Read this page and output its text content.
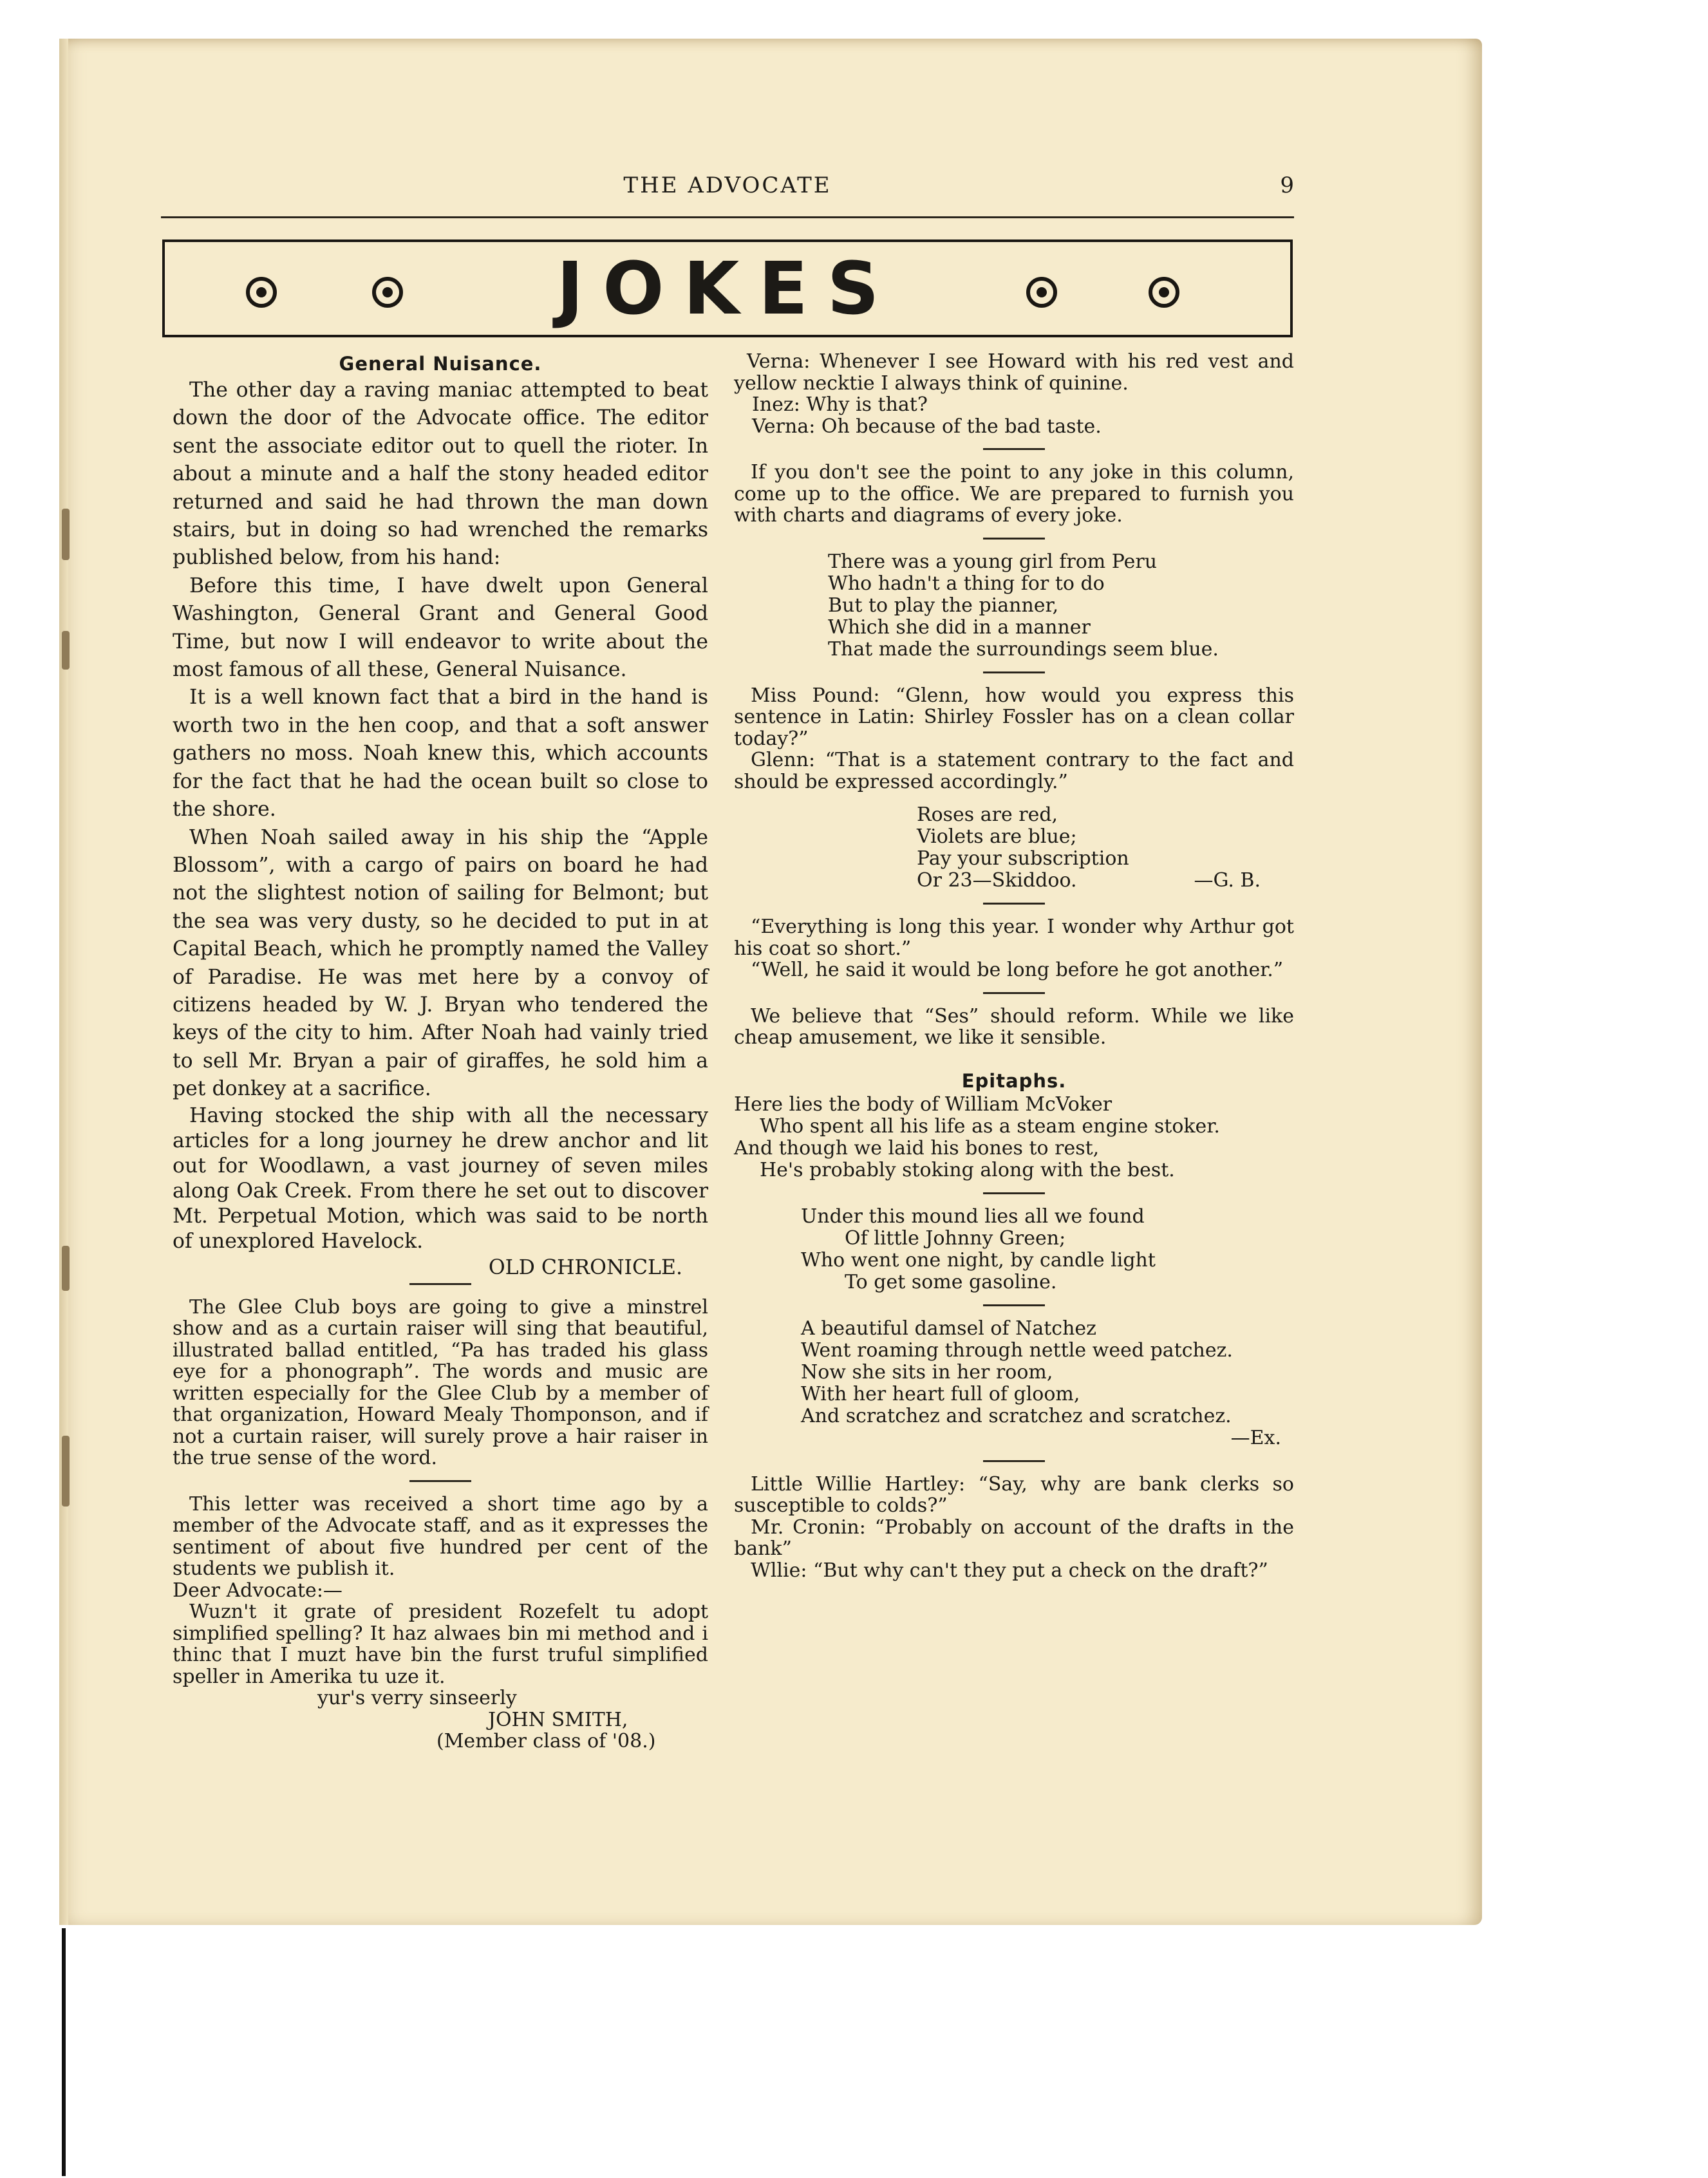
THE ADVOCATE	9
JOKES

General Nuisance.

The other day a raving maniac attempted to beat down the door of the Advocate office. The editor sent the associate editor out to quell the rioter. In about a minute and a half the stony headed editor returned and said he had thrown the man down stairs, but in doing so had wrenched the remarks published below, from his hand:

Before this time, I have dwelt upon General Washington, General Grant and General Good Time, but now I will endeavor to write about the most famous of all these, General Nuisance.

It is a well known fact that a bird in the hand is worth two in the hen coop, and that a soft answer gathers no moss. Noah knew this, which accounts for the fact that he had the ocean built so close to the shore.

When Noah sailed away in his ship the “Apple Blossom”, with a cargo of pairs on board he had not the slightest notion of sailing for Belmont; but the sea was very dusty, so he decided to put in at Capital Beach, which he promptly named the Valley of Paradise. He was met here by a convoy of citizens headed by W. J. Bryan who tendered the keys of the city to him. After Noah had vainly tried to sell Mr. Bryan a pair of giraffes, he sold him a pet donkey at a sacrifice.

Having stocked the ship with all the necessary articles for a long journey he drew anchor and lit out for Woodlawn, a vast journey of seven miles along Oak Creek. From there he set out to discover Mt. Perpetual Motion, which was said to be north of unexplored Havelock.

OLD CHRONICLE.

The Glee Club boys are going to give a minstrel show and as a curtain raiser will sing that beautiful, illustrated ballad entitled, “Pa has traded his glass eye for a phonograph”. The words and music are written especially for the Glee Club by a member of that organization, Howard Mealy Thomponson, and if not a curtain raiser, will surely prove a hair raiser in the true sense of the word.

This letter was received a short time ago by a member of the Advocate staff, and as it expresses the sentiment of about five hundred per cent of the students we publish it.

Deer Advocate:—

Wuzn't it grate of president Rozefelt tu adopt simplified spelling? It haz alwaes bin mi method and i thinc that I muzt have bin the furst truful simplified speller in Amerika tu uze it.

yur's verry sinseerly

JOHN SMITH,

(Member class of '08.)

Verna: Whenever I see Howard with his red vest and yellow necktie I always think of quinine.

Inez: Why is that?

Verna: Oh because of the bad taste.

If you don't see the point to any joke in this column, come up to the office. We are prepared to furnish you with charts and diagrams of every joke.

There was a young girl from Peru

Who hadn't a thing for to do

But to play the pianner,

Which she did in a manner

That made the surroundings seem blue.

Miss Pound: “Glenn, how would you express this sentence in Latin: Shirley Fossler has on a clean collar today?”

Glenn: “That is a statement contrary to the fact and should be expressed accordingly.”

Roses are red,

Violets are blue;

Pay your subscription

Or 23—Skiddoo.	—G. B.

“Everything is long this year. I wonder why Arthur got his coat so short.”

“Well, he said it would be long before he got another.”

We believe that “Ses” should reform. While we like cheap amusement, we like it sensible.

Epitaphs.

Here lies the body of William McVoker

Who spent all his life as a steam engine stoker.

And though we laid his bones to rest,

He's probably stoking along with the best.

Under this mound lies all we found

Of little Johnny Green;

Who went one night, by candle light

To get some gasoline.

A beautiful damsel of Natchez

Went roaming through nettle weed patchez.

Now she sits in her room,

With her heart full of gloom,

And scratchez and scratchez and scratchez.

—Ex.

Little Willie Hartley: “Say, why are bank clerks so susceptible to colds?”

Mr. Cronin: “Probably on account of the drafts in the bank”

Wllie: “But why can't they put a check on the draft?”
